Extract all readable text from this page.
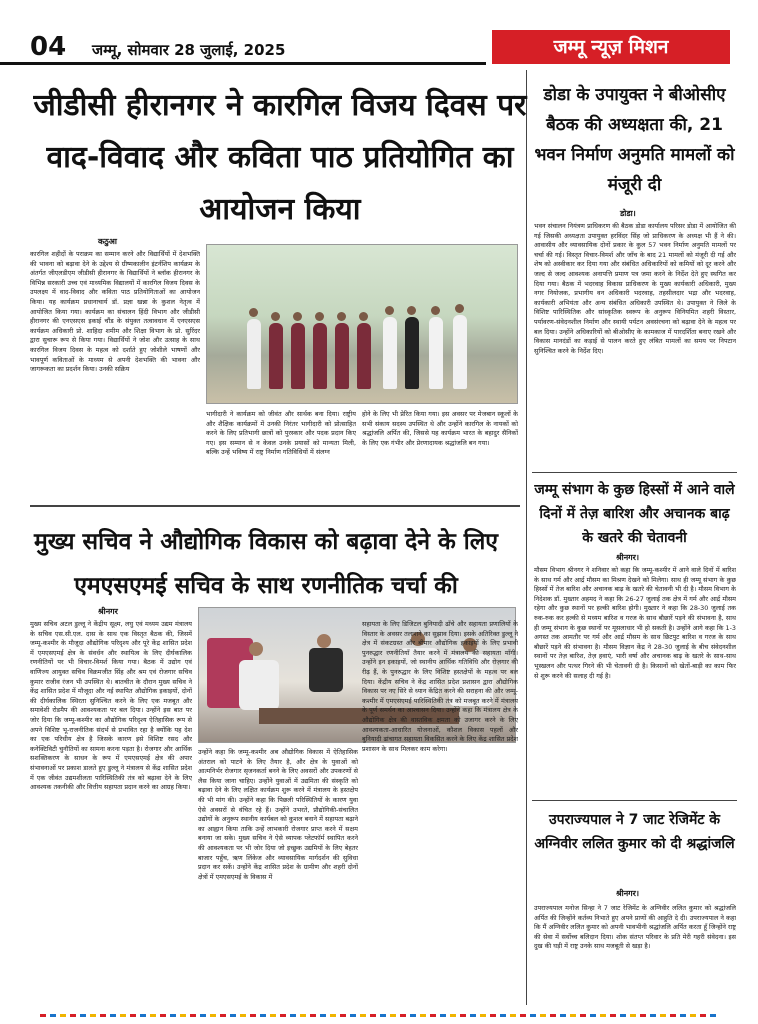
04 जम्मू, सोमवार 28 जुलाई, 2025	जम्मू न्यूज़ मिशन
जीडीसी हीरानगर ने कारगिल विजय दिवस पर वाद-विवाद और कविता पाठ प्रतियोगित का आयोजन किया
कठुआ
कारगिल शहीदों के पराक्रम का सम्मान करने और विद्यार्थियों में देशभक्ति की भावना को बढ़ावा देने के उद्देश्य से ग्रीष्मकालीन इंटर्नशिप कार्यक्रम के अंतर्गत जीएलडीएम जीडीसी हीरानगर के विद्यार्थियों ने ब्लॉक हीरानगर के विभिन्न सरकारी उच्च एवं माध्यमिक विद्यालयों में कारगिल विजय दिवस के उपलक्ष्य में वाद-विवाद और कविता पाठ प्रतियोगिताओं का आयोजन किया। यह कार्यक्रम प्रधानाचार्य डॉ. प्रज्ञा खन्ना के कुशल नेतृत्व में आयोजित किया गया। कार्यक्रम का संचालन हिंदी विभाग और जीडीसी हीरानगर की एनएसएस इकाई चौंड के संयुक्त तत्वावधान में एनएसएस कार्यक्रम अधिकारी प्रो. शाहिदा शमीम और शिक्षा विभाग के प्रो. सुरिंदर द्वारा सुचारू रूप से किया गया। विद्यार्थियों ने जोश और उत्साह के साथ कारगिल विजय दिवस के महत्व को दर्शाते हुए जोशीले भाषणों और भावपूर्ण कविताओं के माध्यम से अपनी देशभक्ति की भावना और जागरूकता का प्रदर्शन किया। उनकी सक्रिय
भागीदारी ने कार्यक्रम को जीवंत और सार्थक बना दिया। राष्ट्रीय और शैक्षिक कार्यक्रमों में उनकी निरंतर भागीदारी को प्रोत्साहित करने के लिए प्रतिभागी छात्रों को पुरस्कार और पदक प्रदान किए गए। इस सम्मान से न केवल उनके प्रयासों को मान्यता मिली, बल्कि उन्हें भविष्य में राष्ट्र निर्माण गतिविधियों में संलग्न
होने के लिए भी प्रेरित किया गया। इस अवसर पर मेजबान स्कूलों के सभी संकाय सदस्य उपस्थित थे और उन्होंने कारगिल के नायकों को श्रद्धांजलि अर्पित की, जिससे यह कार्यक्रम भारत के बहादुर सैनिकों के लिए एक गंभीर और प्रेरणादायक श्रद्धांजलि बन गया।
मुख्य सचिव ने औद्योगिक विकास को बढ़ावा देने के लिए एमएसएमई सचिव के साथ रणनीतिक चर्चा की
श्रीनगर
मुख्य सचिव अटल डुल्लू ने केंद्रीय सूक्ष्म, लघु एवं मध्यम उद्यम मंत्रालय के सचिव एस.सी.एल. दास के साथ एक विस्तृत बैठक की, जिसमें जम्मू-कश्मीर के मौजूदा औद्योगिक परिदृश्य और पूरे केंद्र शासित प्रदेश में एमएसएमई क्षेत्र के संवर्धन और स्थायित्व के लिए दीर्घकालिक रणनीतियों पर भी विचार-विमर्श किया गया। बैठक में उद्योग एवं वाणिज्य आयुक्त सचिव विक्रमजीत सिंह और श्रम एवं रोजगार सचिव कुमार राजीव रंजन भी उपस्थित थे। बातचीत के दौरान मुख्य सचिव ने केंद्र शासित प्रदेश में मौजूदा और नई स्थापित औद्योगिक इकाइयों, दोनों की दीर्घकालिक स्थिरता सुनिश्चित करने के लिए एक मजबूत और समावेशी रोडमैप की आवश्यकता पर बल दिया। उन्होंने इस बात पर जोर दिया कि जम्मू-कश्मीर का औद्योगिक परिदृश्य ऐतिहासिक रूप से अपने विशिष्ट भू-राजनीतिक संदर्भ से प्रभावित रहा है क्योंकि यह देश का एक परिधीय क्षेत्र है जिसके कारण इसे विशिष्ट रसद और कनेक्टिविटी चुनौतियों का सामना करना पड़ता है। रोजगार और आर्थिक सशक्तिकरण के साधन के रूप में एमएसएमई क्षेत्र की अपार संभावनाओं पर प्रकाश डालते हुए डुल्लू ने मंत्रालय से केंद्र शासित प्रदेश में एक जीवंत उद्यमशीलता पारिस्थितिकी तंत्र को बढ़ावा देने के लिए आवश्यक तकनीकी और वित्तीय सहायता प्रदान करने का आग्रह किया।
उन्होंने कहा कि जम्मू-कश्मीर अब औद्योगिक विकास में ऐतिहासिक अंतराल को पाटने के लिए तैयार है, और क्षेत्र के युवाओं को आत्मनिर्भर रोजगार सृजनकर्ता बनने के लिए अवसरों और उपकरणों से लैस किया जाना चाहिए। उन्होंने युवाओं में उद्यमिता की संस्कृति को बढ़ावा देने के लिए लक्षित कार्यक्रम शुरू करने में मंत्रालय के हस्तक्षेप की भी मांग की। उन्होंने कहा कि पिछली परिस्थितियों के कारण युवा ऐसे अवसरों से वंचित रहे हैं। उन्होंने उभरते, प्रौद्योगिकी-संचालित उद्योगों के अनुरूप स्थानीय कार्यबल को कुशल बनाने में सहायता बढ़ाने का आह्वान किया ताकि उन्हें लाभकारी रोजगार प्राप्त करने में सक्षम बनाया जा सके। मुख्य सचिव ने ऐसे व्यापक प्लेटफॉर्म स्थापित करने की आवश्यकता पर भी जोर दिया जो इच्छुक उद्यमियों के लिए बेहतर बाजार पहुँच, ऋण लिंकेज और व्यावसायिक मार्गदर्शन की सुविधा प्रदान कर सकें। उन्होंने केंद्र शासित प्रदेश के ग्रामीण और शहरी दोनों क्षेत्रों में एमएसएमई के विकास में
सहायता के लिए डिजिटल बुनियादी ढाँचे और सहायता प्रणालियों के विस्तार के अवसर तलाशने का सुझाव दिया। इसके अतिरिक्त डुल्लू ने क्षेत्र में संकटग्रस्त और बीमार औद्योगिक इकाइयों के लिए प्रभावी पुनरुद्धार रणनीतियाँ तैयार करने में मंत्रालय की सहायता माँगी। उन्होंने इन इकाइयों, जो स्थानीय आर्थिक गतिविधि और रोज़गार की रीढ़ हैं, के पुनरुद्धार के लिए विशिष्ट हस्तक्षेपों के महत्व पर बल दिया। केंद्रीय सचिव ने केंद्र शासित प्रदेश प्रशासन द्वारा औद्योगिक विकास पर नए सिरे से ध्यान केंद्रित करने की सराहना की और जम्मू-कश्मीर में एमएसएमई पारिस्थितिकी तंत्र को मजबूत करने में मंत्रालय के पूर्ण समर्थन का आश्वासन दिया। उन्होंने कहा कि मंत्रालय क्षेत्र के औद्योगिक क्षेत्र की वास्तविक क्षमता को उजागर करने के लिए आवश्यकता-आधारित योजनाओं, कौशल विकास पहलों और बुनियादी ढांचागत सहायता विकसित करने के लिए केंद्र शासित प्रदेश प्रशासन के साथ मिलकर काम करेगा।
डोडा के उपायुक्त ने बीओसीए बैठक की अध्यक्षता की, 21 भवन निर्माण अनुमति मामलों को मंजूरी दी
डोडा।
भवन संचालन नियंत्रण प्राधिकरण की बैठक डोडा कार्यालय परिसर डोडा में आयोजित की गई जिसकी अध्यक्षता उपायुक्त हरविंदर सिंह जो प्राधिकरण के अध्यक्ष भी हैं ने की। आवासीय और व्यावसायिक दोनों प्रकार के कुल 57 भवन निर्माण अनुमति मामलों पर चर्चा की गई। विस्तृत विचार-विमर्श और जाँच के बाद 21 मामलों को मंजूरी दी गई और शेष को अस्वीकार कर दिया गया और संबंधित अधिकारियों को कमियों को दूर करने और जल्द से जल्द आवश्यक अनापत्ति प्रमाण पत्र जमा करने के निर्देश देते हुए स्थगित कर दिया गया। बैठक में भदरवाह विकास प्राधिकरण के मुख्य कार्यकारी अधिकारी, मुख्य नगर नियोजक, प्रभागीय वन अधिकारी भदरवाह, तहसीलदार भद्रा और भदरवाह, कार्यकारी अभियंता और अन्य संबंधित अधिकारी उपस्थित थे। उपायुक्त ने जिले के विशिष्ट पारिस्थितिक और सांस्कृतिक स्वरूप के अनुरूप विनियमित शहरी विस्तार, पर्यावरण-संवेदनशील निर्माण और स्थायी पर्यटन अवसंरचना को बढ़ावा देने के महत्व पर बल दिया। उन्होंने अधिकारियों को बीओसीए के कामकाज में पारदर्शिता बनाए रखने और विकास मानदंडों का कड़ाई से पालन करते हुए लंबित मामलों का समय पर निपटान सुनिश्चित करने के निर्देश दिए।
जम्मू संभाग के कुछ हिस्सों में आने वाले दिनों में तेज़ बारिश और अचानक बाढ़ के खतरे की चेतावनी
श्रीनगर।
मौसम विभाग श्रीनगर ने शनिवार को कहा कि जम्मू-कश्मीर में आने वाले दिनों में बारिश के साथ गर्म और आर्द्र मौसम का मिश्रण देखने को मिलेगा। साथ ही जम्मू संभाग के कुछ हिस्सों में तेज बारिश और अचानक बाढ़ के खतरे की चेतावनी भी दी है। मौसम विभाग के निदेशक डॉ. मुख्तार अहमद ने कहा कि 26-27 जुलाई तक क्षेत्र में गर्म और आर्द्र मौसम रहेगा और कुछ स्थानों पर हल्की बारिश होगी। मुख्तार ने कहा कि 28-30 जुलाई तक रुक-रुक कर हल्की से मध्यम बारिश व गरज के साथ बौछारें पड़ने की संभावना है, साथ ही जम्मू संभाग के कुछ स्थानों पर मूसलाधार भी हो सकती है। उन्होंने आगे कहा कि 1-3 अगस्त तक आमतौर पर गर्म और आर्द्र मौसम के साथ छिटपुट बारिश व गरज के साथ बौछारें पड़ने की संभावना है। मौसम विज्ञान केंद्र ने 28-30 जुलाई के बीच संवेदनशील स्थानों पर तेज़ बारिश, तेज़ हवाएं, भारी वर्षा और अचानक बाढ़ के खतरे के साथ-साथ भूस्खलन और पत्थर गिरने की भी चेतावनी दी है। किसानों को खेतों-बाड़ी का काम फिर से शुरू करने की सलाह दी गई है।
उपराज्यपाल ने 7 जाट रेजिमेंट के अग्निवीर ललित कुमार को दी श्रद्धांजलि
श्रीनगर।
उपराज्यपाल मनोज सिन्हा ने 7 जाट रेजिमेंट के अग्निवीर ललित कुमार को श्रद्धांजलि अर्पित की जिन्होंने कर्तव्य निभाते हुए अपने प्राणों की आहुति दे दी। उपराज्यपाल ने कहा कि मैं अग्निवीर ललित कुमार को अपनी भावभीनी श्रद्धांजलि अर्पित करता हूँ जिन्होंने राष्ट्र की सेवा में सर्वोच्च बलिदान दिया। शोक संतप्त परिवार के प्रति मेरी गहरी संवेदना। इस दुख की घड़ी में राष्ट्र उनके साथ मजबूती से खड़ा है।
